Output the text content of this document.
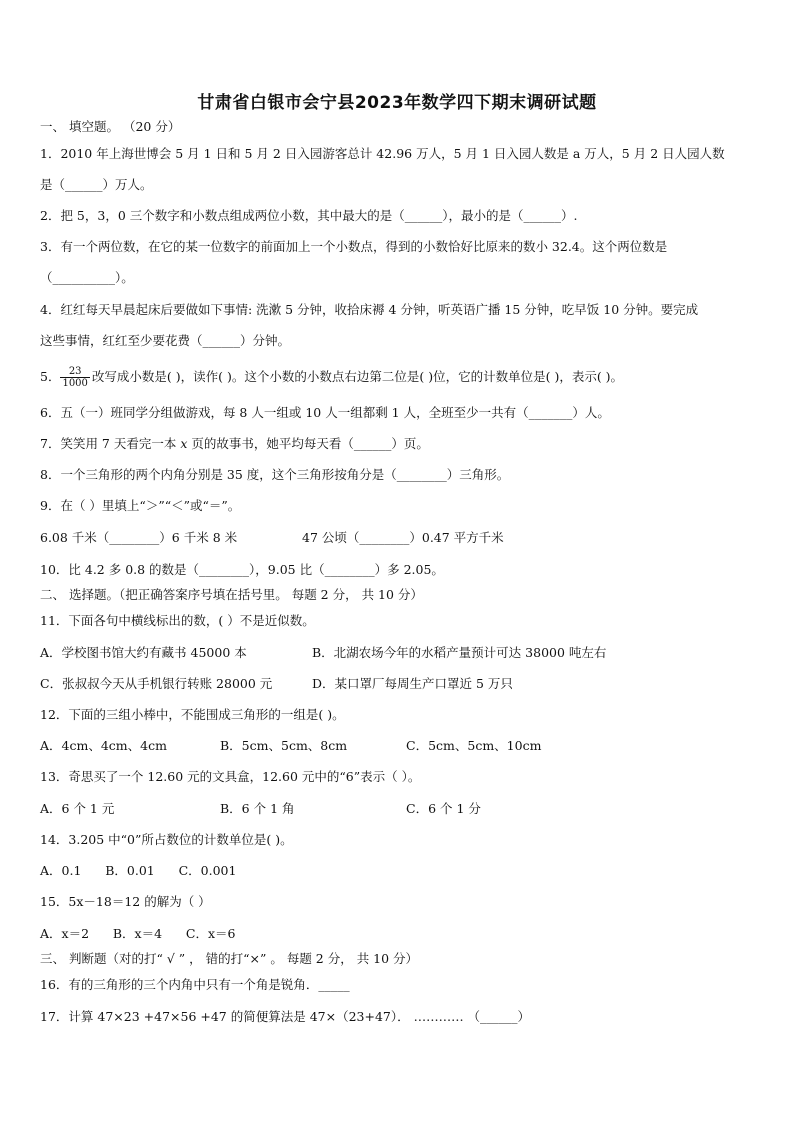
甘肃省白银市会宁县2023年数学四下期末调研试题
一、 填空题。 （20 分）
1．2010 年上海世博会 5 月 1 日和 5 月 2 日入园游客总计 42.96 万人，5 月 1 日入园人数是 a 万人，5 月 2 日人园人数
是（______）万人。
2．把 5，3，0 三个数字和小数点组成两位小数，其中最大的是（______），最小的是（______）.
3．有一个两位数，在它的某一位数字的前面加上一个小数点，得到的小数恰好比原来的数小 32.4。这个两位数是
（__________）。
4．红红每天早晨起床后要做如下事情: 洗漱 5 分钟，收拾床褥 4 分钟，听英语广播 15 分钟，吃早饭 10 分钟。要完成
这些事情，红红至少要花费（______）分钟。
5． $\frac{23}{1000}$ 改写成小数是( )，读作( )。这个小数的小数点右边第二位是( )位，它的计数单位是( )，表示( )。
6．五（一）班同学分组做游戏，每 8 人一组或 10 人一组都剩 1 人，全班至少一共有（_______）人。
7．笑笑用 7 天看完一本 x 页的故事书，她平均每天看（______）页。
8．一个三角形的两个内角分别是 35 度，这个三角形按角分是（________）三角形。
9．在（ ）里填上“＞”“＜”或“＝”。
6.08 千米（________）6 千米 8 米	47 公顷（________）0.47 平方千米
10．比 4.2 多 0.8 的数是（________），9.05 比（________）多 2.05。
二、 选择题。（把正确答案序号填在括号里。 每题 2 分， 共 10 分）
11．下面各句中横线标出的数，( ）不是近似数。
A．学校图书馆大约有藏书 45000 本	B．北湖农场今年的水稻产量预计可达 38000 吨左右
C．张叔叔今天从手机银行转账 28000 元	D．某口罩厂每周生产口罩近 5 万只
12．下面的三组小棒中，不能围成三角形的一组是( )。
A．4cm、4cm、4cm	B．5cm、5cm、8cm	C．5cm、5cm、10cm
13．奇思买了一个 12.60 元的文具盒，12.60 元中的“6”表示（ ）。
A．6 个 1 元	B．6 个 1 角	C．6 个 1 分
14．3.205 中“0”所占数位的计数单位是( )。
A．0.1      B．0.01      C．0.001
15．5x－18＝12 的解为（ ）
A．x＝2      B．x＝4      C．x＝6
三、 判断题（对的打“ √ ” ， 错的打“×” 。 每题 2 分， 共 10 分）
16．有的三角形的三个内角中只有一个角是锐角．_____
17．计算 47×23 +47×56 +47 的简便算法是 47×（23+47）． ………… （______）
